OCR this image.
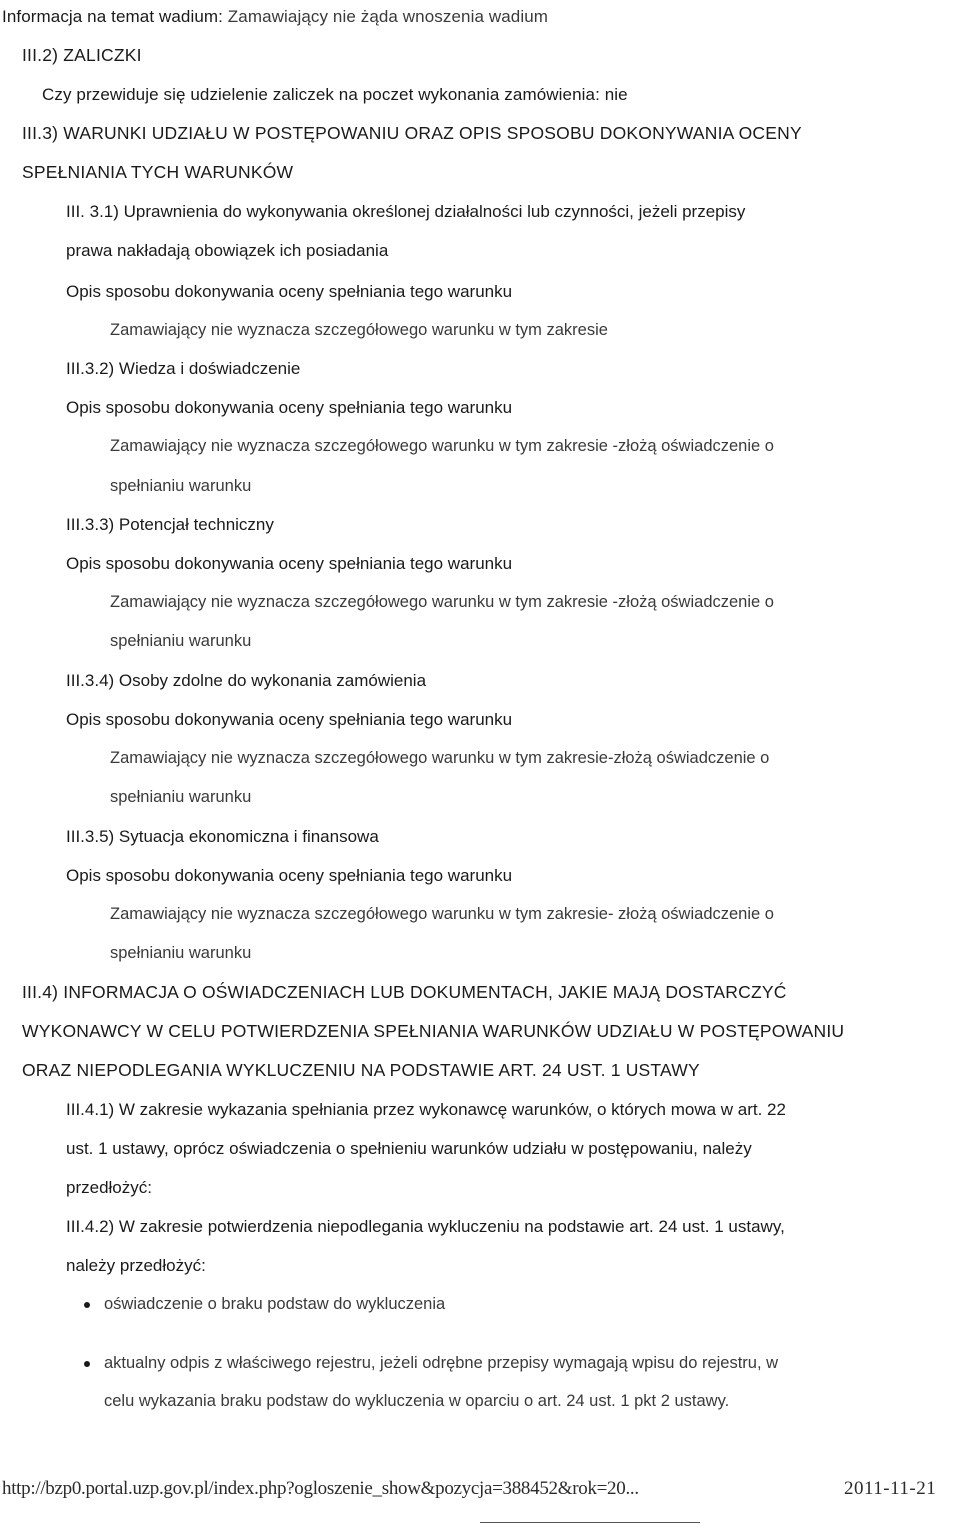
Informacja na temat wadium: Zamawiający nie żąda wnoszenia wadium
III.2) ZALICZKI
Czy przewiduje się udzielenie zaliczek na poczet wykonania zamówienia: nie
III.3) WARUNKI UDZIAŁU W POSTĘPOWANIU ORAZ OPIS SPOSOBU DOKONYWANIA OCENY
SPEŁNIANIA TYCH WARUNKÓW
III. 3.1) Uprawnienia do wykonywania określonej działalności lub czynności, jeżeli przepisy
prawa nakładają obowiązek ich posiadania
Opis sposobu dokonywania oceny spełniania tego warunku
Zamawiający nie wyznacza szczegółowego warunku w tym zakresie
III.3.2) Wiedza i doświadczenie
Opis sposobu dokonywania oceny spełniania tego warunku
Zamawiający nie wyznacza szczegółowego warunku w tym zakresie -złożą oświadczenie o
spełnianiu warunku
III.3.3) Potencjał techniczny
Opis sposobu dokonywania oceny spełniania tego warunku
Zamawiający nie wyznacza szczegółowego warunku w tym zakresie -złożą oświadczenie o
spełnianiu warunku
III.3.4) Osoby zdolne do wykonania zamówienia
Opis sposobu dokonywania oceny spełniania tego warunku
Zamawiający nie wyznacza szczegółowego warunku w tym zakresie-złożą oświadczenie o
spełnianiu warunku
III.3.5) Sytuacja ekonomiczna i finansowa
Opis sposobu dokonywania oceny spełniania tego warunku
Zamawiający nie wyznacza szczegółowego warunku w tym zakresie- złożą oświadczenie o
spełnianiu warunku
III.4) INFORMACJA O OŚWIADCZENIACH LUB DOKUMENTACH, JAKIE MAJĄ DOSTARCZYĆ
WYKONAWCY W CELU POTWIERDZENIA SPEŁNIANIA WARUNKÓW UDZIAŁU W POSTĘPOWANIU
ORAZ NIEPODLEGANIA WYKLUCZENIU NA PODSTAWIE ART. 24 UST. 1 USTAWY
III.4.1) W zakresie wykazania spełniania przez wykonawcę warunków, o których mowa w art. 22
ust. 1 ustawy, oprócz oświadczenia o spełnieniu warunków udziału w postępowaniu, należy
przedłożyć:
III.4.2) W zakresie potwierdzenia niepodlegania wykluczeniu na podstawie art. 24 ust. 1 ustawy,
należy przedłożyć:
oświadczenie o braku podstaw do wykluczenia
aktualny odpis z właściwego rejestru, jeżeli odrębne przepisy wymagają wpisu do rejestru, w
celu wykazania braku podstaw do wykluczenia w oparciu o art. 24 ust. 1 pkt 2 ustawy.
http://bzp0.portal.uzp.gov.pl/index.php?ogloszenie_show&pozycja=388452&rok=20...	2011-11-21
